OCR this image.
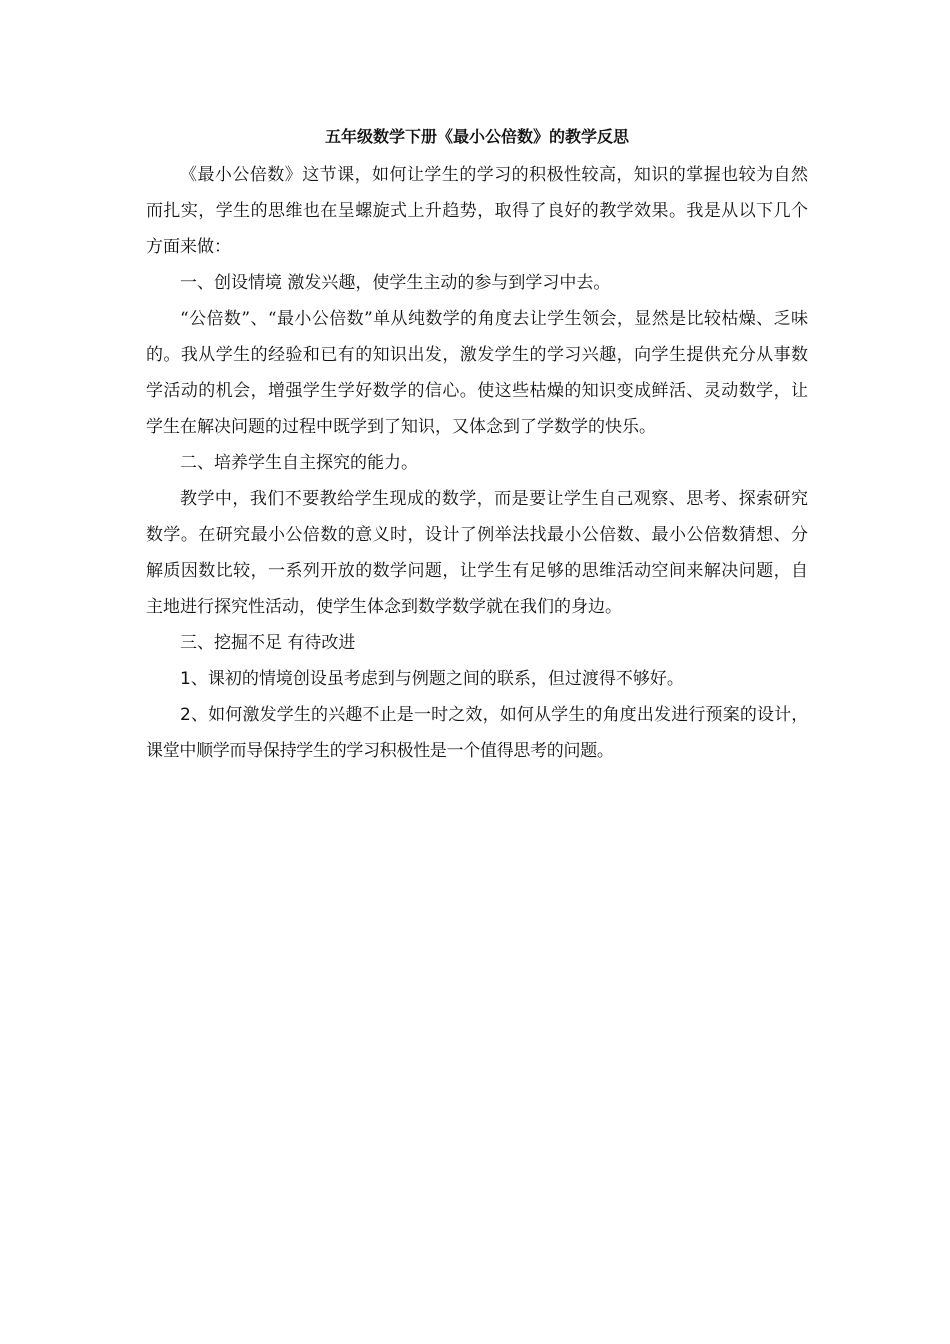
五年级数学下册《最小公倍数》的教学反思

《最小公倍数》这节课，如何让学生的学习的积极性较高，知识的掌握也较为自然而扎实，学生的思维也在呈螺旋式上升趋势，取得了良好的教学效果。我是从以下几个方面来做：

一、创设情境 激发兴趣，使学生主动的参与到学习中去。

“公倍数”、“最小公倍数”单从纯数学的角度去让学生领会，显然是比较枯燥、乏味的。我从学生的经验和已有的知识出发，激发学生的学习兴趣，向学生提供充分从事数学活动的机会，增强学生学好数学的信心。使这些枯燥的知识变成鲜活、灵动数学，让学生在解决问题的过程中既学到了知识，又体念到了学数学的快乐。

二、培养学生自主探究的能力。

教学中，我们不要教给学生现成的数学，而是要让学生自己观察、思考、探索研究数学。在研究最小公倍数的意义时，设计了例举法找最小公倍数、最小公倍数猜想、分解质因数比较，一系列开放的数学问题，让学生有足够的思维活动空间来解决问题，自主地进行探究性活动，使学生体念到数学数学就在我们的身边。

三、挖掘不足 有待改进

1、课初的情境创设虽考虑到与例题之间的联系，但过渡得不够好。

2、如何激发学生的兴趣不止是一时之效，如何从学生的角度出发进行预案的设计，课堂中顺学而导保持学生的学习积极性是一个值得思考的问题。
